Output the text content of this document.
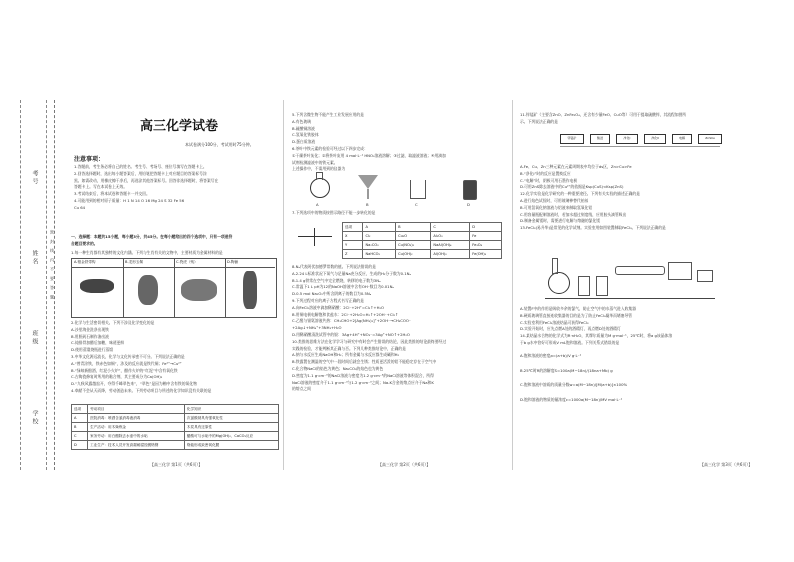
考号
姓名
班级
学校
密 封 线 内 不 要 答 题
高三化学试卷
本试卷满分100分，考试用时75分钟。
注意事项：

1.答题前，考生务必将自己的姓名、考生号、考场号、座位号填写在答题卡上。

2.回答选择题时，选出每小题答案后，用铅笔把答题卡上对应题目的答案标号涂

黑。如需改动，用橡皮擦干净后，再选涂其他答案标号。回答非选择题时，将答案写在

答题卡上。写在本试卷上无效。

3.考试结束后，将本试卷和答题卡一并交回。

4.可能用到的相对原子质量：H 1 N 14 O 16 Mg 24 S 32 Fe 56

Cu 64

一、选择题：本题共15小题，每小题3分，共45分。在每小题给出的四个选项中，只有一项是符

合题目要求的。

1.每一种生肖都有其独特的文化内涵。下列与生肖有关的文物中，主要材质为金属材料的是

A.错金铁带钩	B.龙形玉佩	C.瓷虎（残）	D.陶俑

2.化学与生活密切相关。下列不涉及化学变化的是

A.沙里淘金洗净出现铁

B.用胆矾石制作渗出液

C.炖排骨加醋后加糖，味道更鲜

D.使用蒸馏烧瓶进行蒸馏

3.中华文化源远流长，化学与文化传承密不可分。下列说法正确的是

A.“曾青涂铁，铁赤色如铜”，涉及的反应就是铁代铜；Fe²⁺→Cu²⁺

B.“绿蚁新醅酒，红泥小火炉”，醋作火炉的“红泥”中含有氧化铁

C.古陶瓷修复时所用的黏合剂，其主要成分为Ca(OH)₂

D.“九秋风露越窑开，夺得千峰翠色来”，“翠色”是因为釉中含有铁的氧化物

4.奉献不会从天而降，劳动创造未来。下列劳动项目与所述的化学知识没有关联的是

选项	劳动项目	化学知识
A	医院消毒：喷洒含氯消毒液消毒	次氯酸钠具有强氧化性
B	生产活动：用木柴炼金	木炭具有还原性
C	家务劳动：用白醋除去水壶中的水垢	醋酸可与水垢中的Mg(OH)₂、CaCO₃反应
D	工业生产：技术人员开发高端耐腐蚀镀铬钢	铬能形成致密氧化膜
【高三化学 第1页（共6页）】

5.下列含微生物不能产生工业发展应用的是

A.有色玻璃

B.硫酸铜溶液

C.氢氧化铁胶体

D.蛋白质溶液

6.茶叶中铁元素的检验可经过以下四步完成：

①干燥茶叶灰化；②将茶叶灰用 4 mol·L⁻¹ HNO₃溶液溶解；③过滤，取滤液溶液；④用滴加

试剂检测滤液中的铁元素。

上述操作中，不需用到的仪器为

A	B	C	D

7.下列选项中的物质按图示路径不能一步转化的是

选项	A	B	C	D
X	Cl₂	Cu₂O	Al₂O₃	Fe
Y	Na₂CO₃	Cu(NO₃)₂	NaAl(OH)₄	Fe₃O₄
Z	NaHCO₃	Cu(OH)₂	Al(OH)₃	Fe(OH)₃

8.Nₐ代表阿伏加德罗常数的值。下列说法错误的是

A.2.24 L标准状况下氧气与足量Na充分反应，生成的H₂分子数为0.1Nₐ

B.1.4 g铁常在空气中完全燃烧，转移的电子数为3Nₐ

C.常温下1 L pH为12的NaOH溶液中含有OH⁻数目为0.01Nₐ

D.0.5 mol Na₂O₂中所含阴离子的数目为0.5Nₐ

9.下列过程对应的离子方程式书写正确的是

A.向FeCl₂溶液中滴加稀硝酸：2Cl⁻+2H⁺=Cl₂↑+H₂O

B.用铜电极电解饱和食盐水：2Cl⁻+2H₂O=H₂↑+2OH⁻+Cl₂↑

C.乙醛与银氨溶液共热：CH₃CHO+2[Ag(NH₃)₂]⁺+2OH⁻→CH₃COO⁻

+2Ag↓+NH₄⁺+3NH₃+H₂O

D.用稀硝酸清洗试管中的银：3Ag+4H⁺+NO₃⁻=3Ag⁺+NO↑+2H₂O

10.类推的思维方法在化学学习与研究中有时会产生错误的结论，因此类推的结论最终要经过

实践的检验，才能判断其正确与否。下列几种类推结论中，正确的是

A.钠与水反应生成NaOH和H₂；所有金属与水反应都生成碱和H₂

B.铁露置在潮湿的空气中一段时间后就会生锈；性质更活泼的铝不能稳定存在于空气中

C.化合物NaCl的焰色为黄色；Na₂CO₃的焰色也为黄色

D.密度为1.1 g·cm⁻³的NaCl溶液与密度为1.2 g·cm⁻³的NaCl溶液等体积混合，所得

NaCl溶液的密度介于1.1 g·cm⁻³与1.2 g·cm⁻³之间；Na-K合金的熔点应介于Na和K

的熔点之间

【高三化学 第2页（共6页）】

11.锌锰矿（主要含ZnO、ZnFe₂O₄，还含有少量FeO、CuO等）可用于提取硫酸锌，其流程如图所

示。下列说法正确的是

锌锰矿	酸浸	净化Ⅰ	净化Ⅱ	电解	ZnSO₄

A.Fe、Cu、Zn三种元素在元素周期表中均位于ds区，Zn>Cu>Fe

B.“净化Ⅰ”时的反应是置换反应

C.“电解”时，阴极可用石墨作电极

D.可用ZnS除去溶液中的Cu²⁺的依据是Ksp(CuS)<Ksp(ZnS)

12.化学实验是化学研究的一种重要途径。下列有关实验的描述正确的是

A.进行焰色试验时，可用玻璃棒替代铂丝

B.可用氢氧化钠溶液与铝液来制取氢氧化铝

C.用容量瓶配制溶液时，若加水超过刻度线，应用胶头滴管吸出

D.制备金属镁时，需要进行电解与熔融的氯化镁

13.FeCl₃(易升华)是常见的化学试剂。实验室用如图装置制取FeCl₃。下列说法正确的是

A.装置F中的作用是吸收多余的氯气，防止空气中的水蒸气进入收集器

B.硬质玻璃管直接连收集器的目的是为了防止FeCl₃凝华而堵塞导管

C.实验室利用FeCl₂溶液结晶可获得FeCl₃

D.实验开始时，应先点燃A处的酒精灯，再点燃D处的酒精灯

14.某结晶水合物的化学式为R·nH₂O，其摩尔质量为M g·mol⁻¹，25℃时，将a g该晶体溶

于b g水中恰好可形成V mL饱和溶液。下列关系式错误的是

A.饱和溶液的密度ρ=(a+b)/V g·L⁻¹

B.25℃时R的溶解度S=100a(M−18n)/(18na+Mb) g

C.饱和溶液中溶质的质量分数w=a(M−18n)/[M(a+b)]×100%

D.饱和溶液的物质的量浓度c=1000a(M−18n)/MV mol·L⁻¹

【高三化学 第3页（共6页）】
